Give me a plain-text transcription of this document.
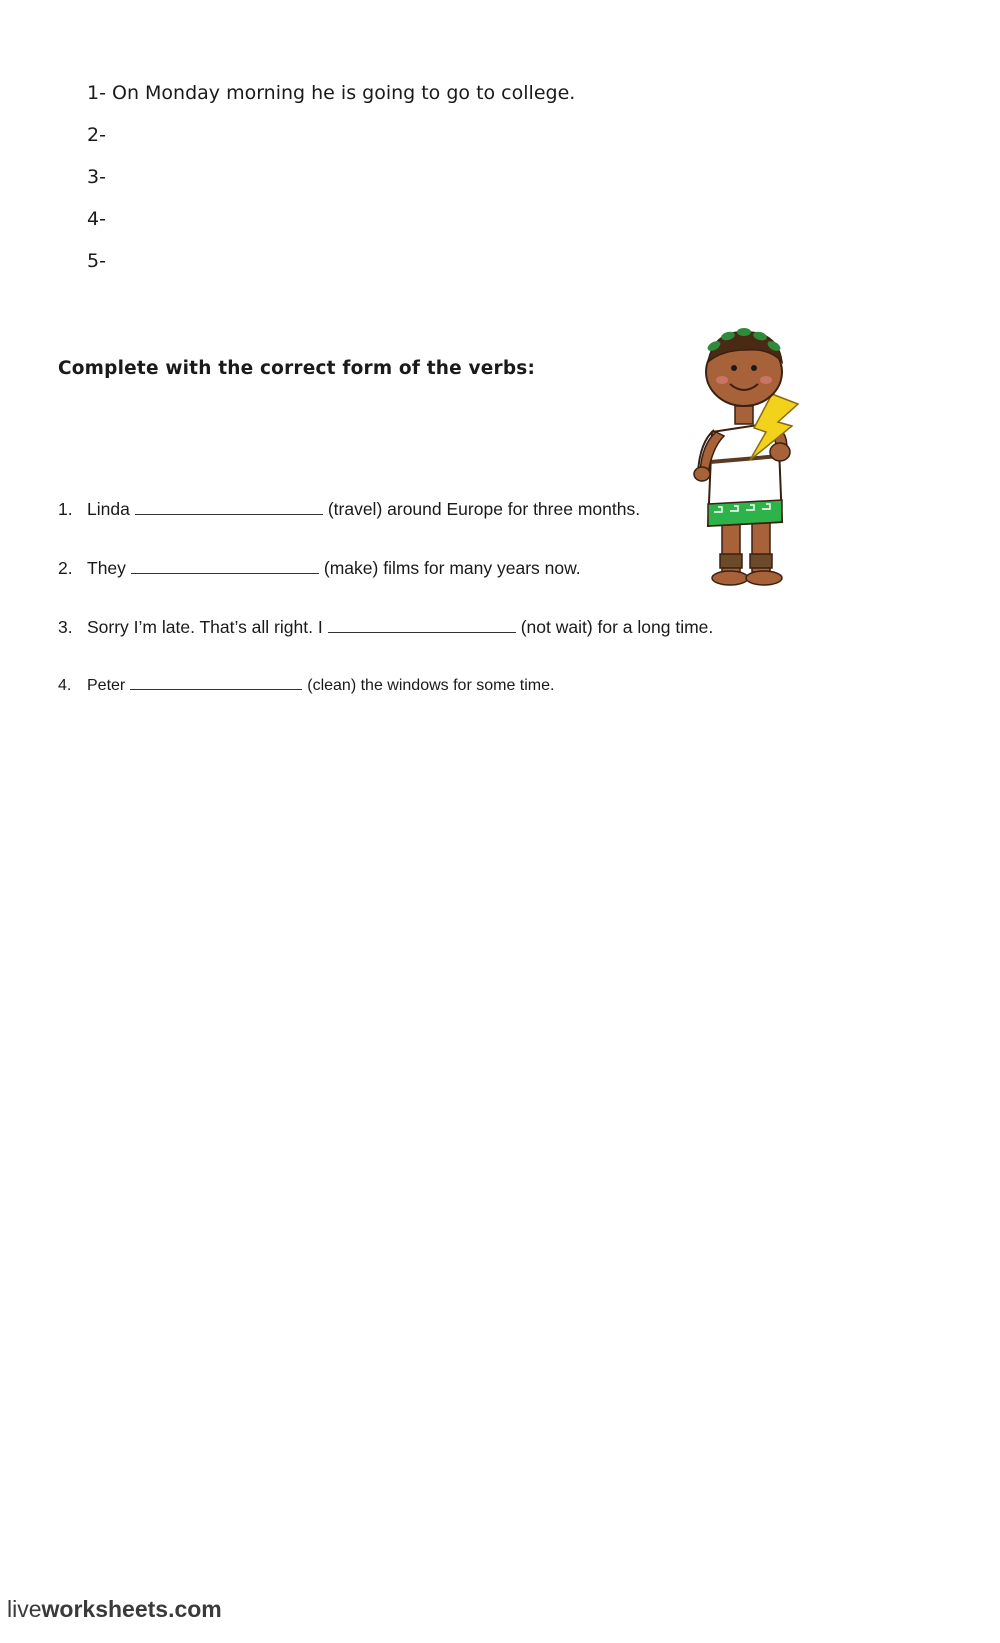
1- On Monday morning he is going to go to college.
2-
3-
4-
5-
Complete with the correct form of the verbs:
1. Linda	(travel) around Europe for three months.
2. They	(make) films for many years now.
3. Sorry I’m late. That’s all right. I	(not wait) for a long time.
4. Peter	(clean) the windows for some time.
liveworksheets.com
